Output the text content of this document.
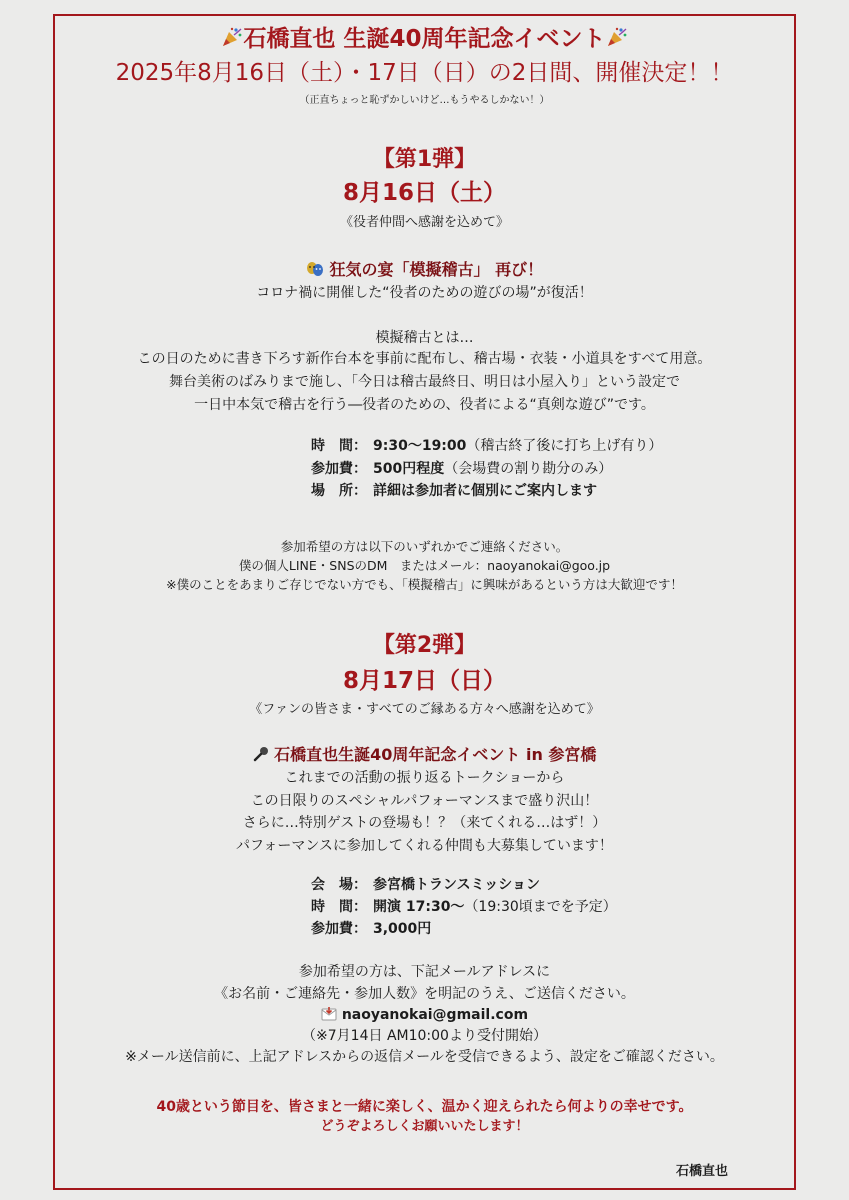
石橋直也 生誕40周年記念イベント
2025年8月16日（土）・17日（日）の2日間、開催決定！！
（正直ちょっと恥ずかしいけど…もうやるしかない！）
【第1弾】
8月16日（土）
《役者仲間へ感謝を込めて》
狂気の宴「模擬稽古」 再び！
コロナ禍に開催した“役者のための遊びの場”が復活！
模擬稽古とは…
この日のために書き下ろす新作台本を事前に配布し、稽古場・衣装・小道具をすべて用意。
舞台美術のばみりまで施し、「今日は稽古最終日、明日は小屋入り」という設定で
一日中本気で稽古を行う―役者のための、役者による“真剣な遊び”です。
時　間： 9:30〜19:00（稽古終了後に打ち上げ有り）
参加費： 500円程度（会場費の割り勘分のみ）
場　所： 詳細は参加者に個別にご案内します
参加希望の方は以下のいずれかでご連絡ください。
僕の個人LINE・SNSのDM　またはメール：naoyanokai@goo.jp
※僕のことをあまりご存じでない方でも、「模擬稽古」に興味があるという方は大歓迎です！
【第2弾】
8月17日（日）
《ファンの皆さま・すべてのご縁ある方々へ感謝を込めて》
石橋直也生誕40周年記念イベント in 参宮橋
これまでの活動の振り返るトークショーから
この日限りのスペシャルパフォーマンスまで盛り沢山！
さらに…特別ゲストの登場も！？（来てくれる…はず！）
パフォーマンスに参加してくれる仲間も大募集しています！
会　場： 参宮橋トランスミッション
時　間： 開演 17:30〜（19:30頃までを予定）
参加費： 3,000円
参加希望の方は、下記メールアドレスに
《お名前・ご連絡先・参加人数》を明記のうえ、ご送信ください。
naoyanokai@gmail.com
（※7月14日 AM10:00より受付開始）
※メール送信前に、上記アドレスからの返信メールを受信できるよう、設定をご確認ください。
40歳という節目を、皆さまと一緒に楽しく、温かく迎えられたら何よりの幸せです。
どうぞよろしくお願いいたします！
石橋直也
